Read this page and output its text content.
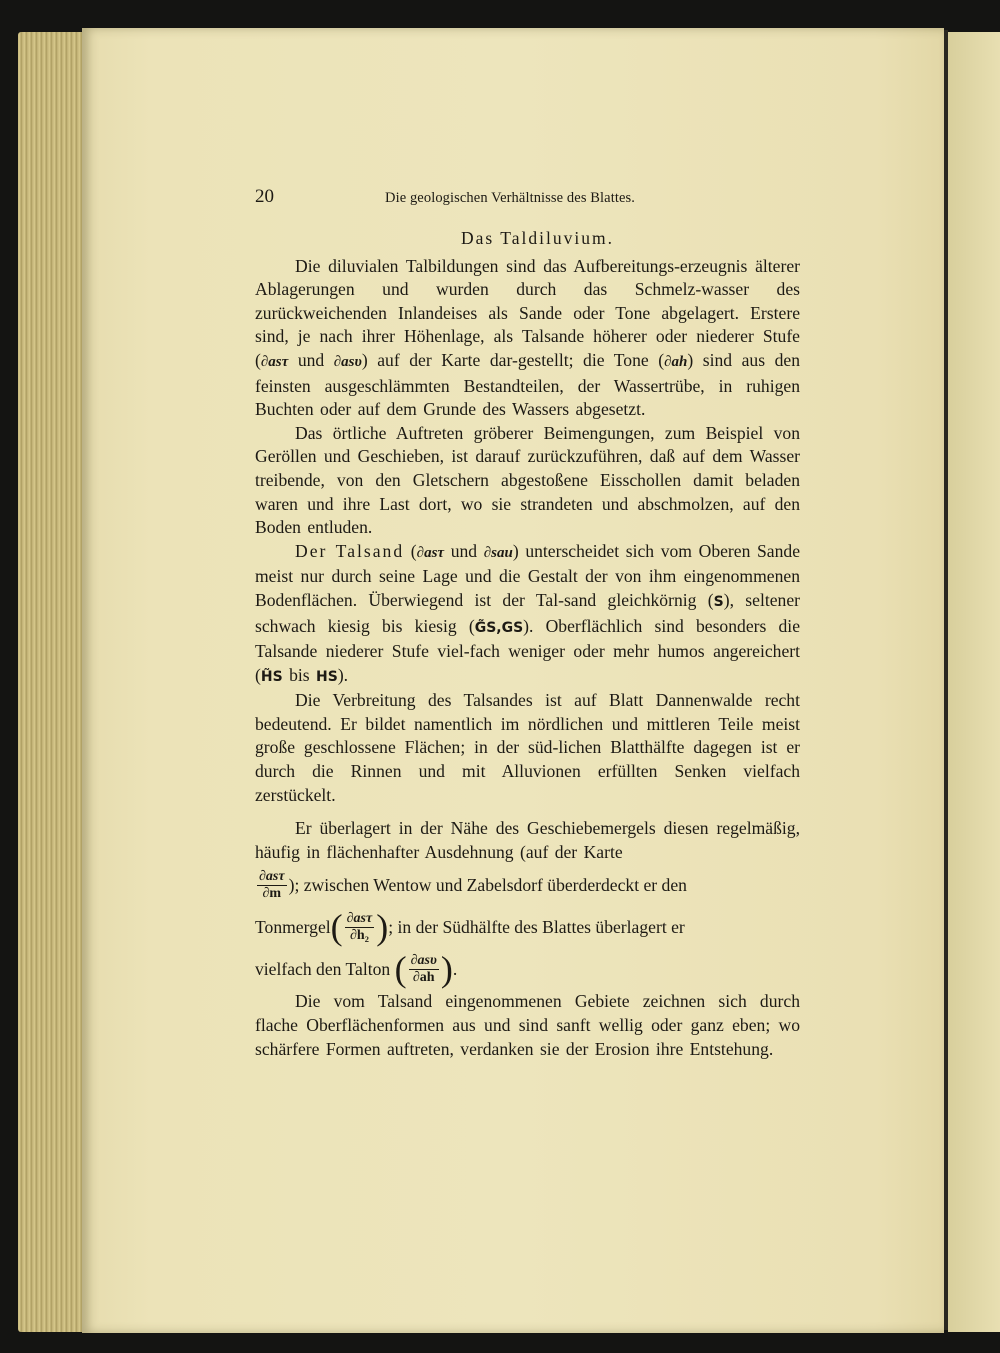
20	Die geologischen Verhältnisse des Blattes.
Das Taldiluvium.

Die diluvialen Talbildungen sind das Aufbereitungs-erzeugnis älterer Ablagerungen und wurden durch das Schmelz-wasser des zurückweichenden Inlandeises als Sande oder Tone abgelagert. Erstere sind, je nach ihrer Höhenlage, als Talsande höherer oder niederer Stufe (∂asτ und ∂asυ) auf der Karte dar-gestellt; die Tone (∂ah) sind aus den feinsten ausgeschlämmten Bestandteilen, der Wassertrübe, in ruhigen Buchten oder auf dem Grunde des Wassers abgesetzt.

Das örtliche Auftreten gröberer Beimengungen, zum Beispiel von Geröllen und Geschieben, ist darauf zurückzuführen, daß auf dem Wasser treibende, von den Gletschern abgestoßene Eisschollen damit beladen waren und ihre Last dort, wo sie strandeten und abschmolzen, auf den Boden entluden.

Der Talsand (∂asτ und ∂sau) unterscheidet sich vom Oberen Sande meist nur durch seine Lage und die Gestalt der von ihm eingenommenen Bodenflächen. Überwiegend ist der Tal-sand gleichkörnig (S), seltener schwach kiesig bis kiesig (G̃S,GS). Oberflächlich sind besonders die Talsande niederer Stufe viel-fach weniger oder mehr humos angereichert (H̃S bis HS).

Die Verbreitung des Talsandes ist auf Blatt Dannenwalde recht bedeutend. Er bildet namentlich im nördlichen und mittleren Teile meist große geschlossene Flächen; in der süd-lichen Blatthälfte dagegen ist er durch die Rinnen und mit Alluvionen erfüllten Senken vielfach zerstückelt.

Er überlagert in der Nähe des Geschiebemergels diesen regelmäßig, häufig in flächenhafter Ausdehnung (auf der Karte

$\frac{\text{∂asτ}}{\partial m}$ ); zwischen Wentow und Zabelsdorf überderdeckt er den
Tonmergel ( $\frac{\text{∂asτ}}{\text{∂h₂}}$ ) ; in der Südhälfte des Blattes überlagert er
vielfach den Talton
( $\frac{\text{∂asυ}}{\partial ah}$ ) .

Die vom Talsand eingenommenen Gebiete zeichnen sich durch flache Oberflächenformen aus und sind sanft wellig oder ganz eben; wo schärfere Formen auftreten, verdanken sie der Erosion ihre Entstehung.
